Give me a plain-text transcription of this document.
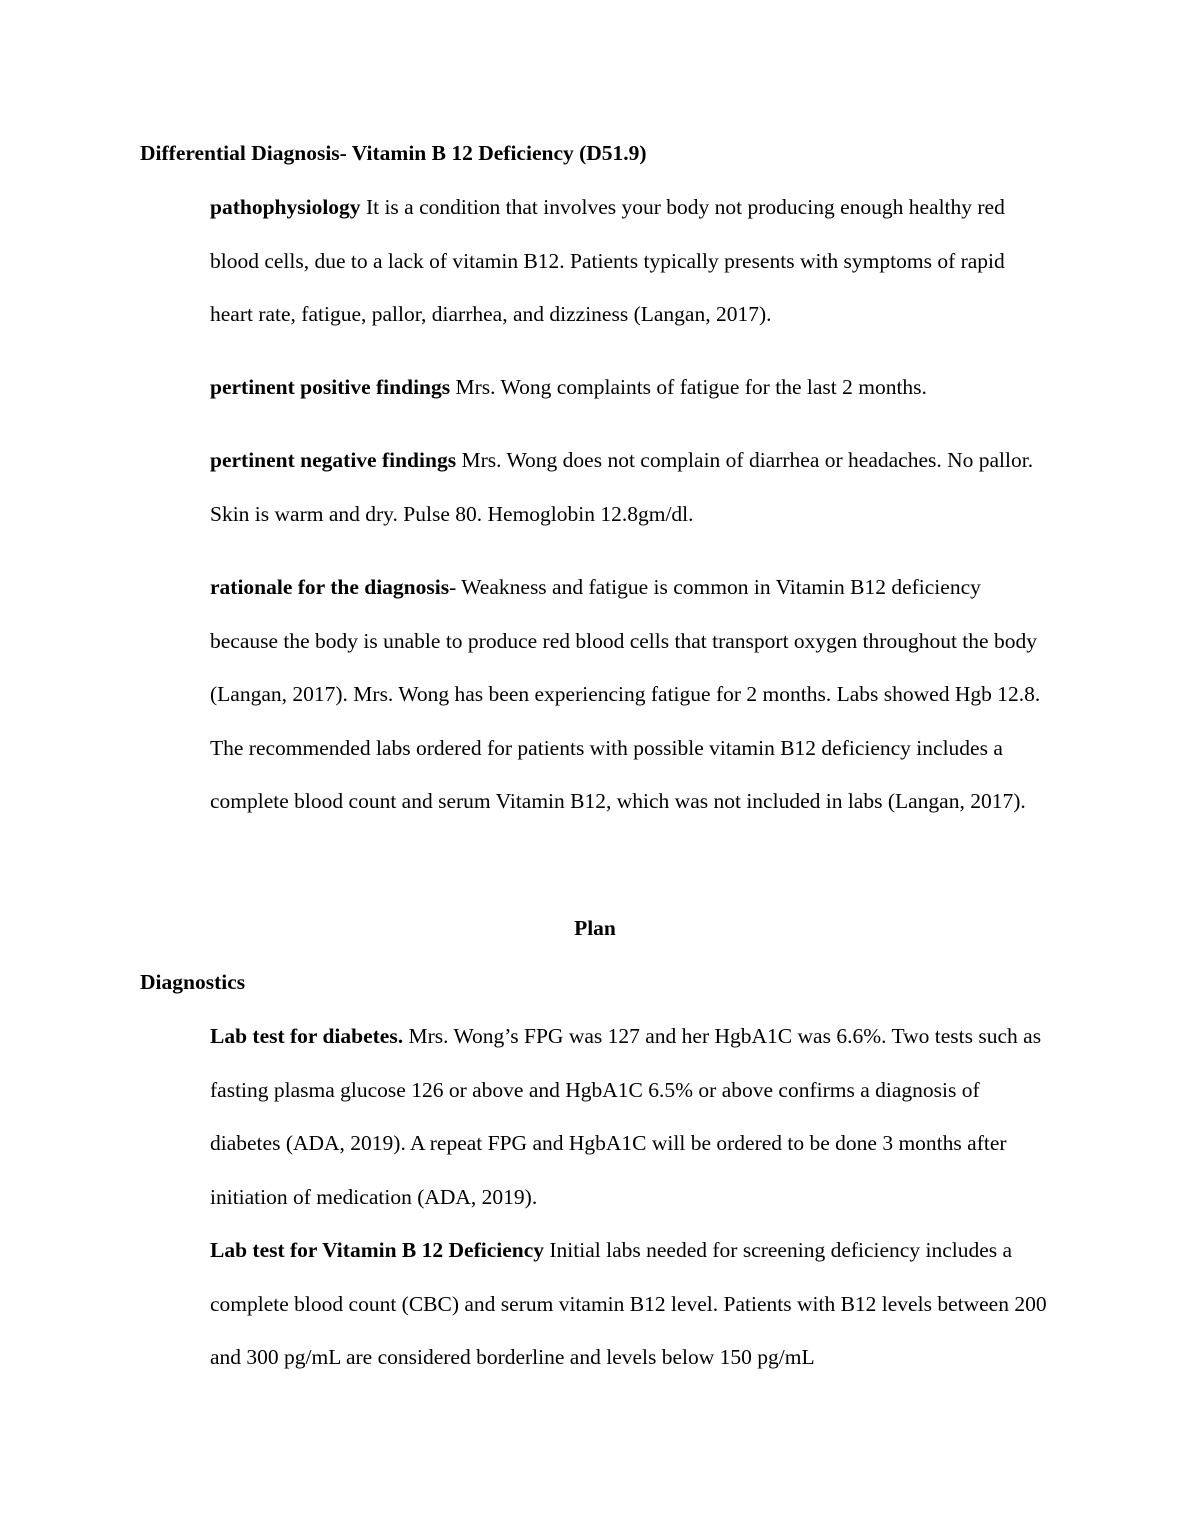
Differential Diagnosis- Vitamin B 12 Deficiency (D51.9)

pathophysiology It is a condition that involves your body not producing enough healthy red blood cells, due to a lack of vitamin B12. Patients typically presents with symptoms of rapid heart rate, fatigue, pallor, diarrhea, and dizziness (Langan, 2017).

pertinent positive findings Mrs. Wong complaints of fatigue for the last 2 months.

pertinent negative findings Mrs. Wong does not complain of diarrhea or headaches. No pallor. Skin is warm and dry. Pulse 80. Hemoglobin 12.8gm/dl.

rationale for the diagnosis- Weakness and fatigue is common in Vitamin B12 deficiency because the body is unable to produce red blood cells that transport oxygen throughout the body (Langan, 2017). Mrs. Wong has been experiencing fatigue for 2 months. Labs showed Hgb 12.8. The recommended labs ordered for patients with possible vitamin B12 deficiency includes a complete blood count and serum Vitamin B12, which was not included in labs (Langan, 2017).

Plan
Diagnostics

Lab test for diabetes. Mrs. Wong’s FPG was 127 and her HgbA1C was 6.6%. Two tests such as fasting plasma glucose 126 or above and HgbA1C 6.5% or above confirms a diagnosis of diabetes (ADA, 2019). A repeat FPG and HgbA1C will be ordered to be done 3 months after initiation of medication (ADA, 2019).

Lab test for Vitamin B 12 Deficiency Initial labs needed for screening deficiency includes a complete blood count (CBC) and serum vitamin B12 level. Patients with B12 levels between 200 and 300 pg/mL are considered borderline and levels below 150 pg/mL
